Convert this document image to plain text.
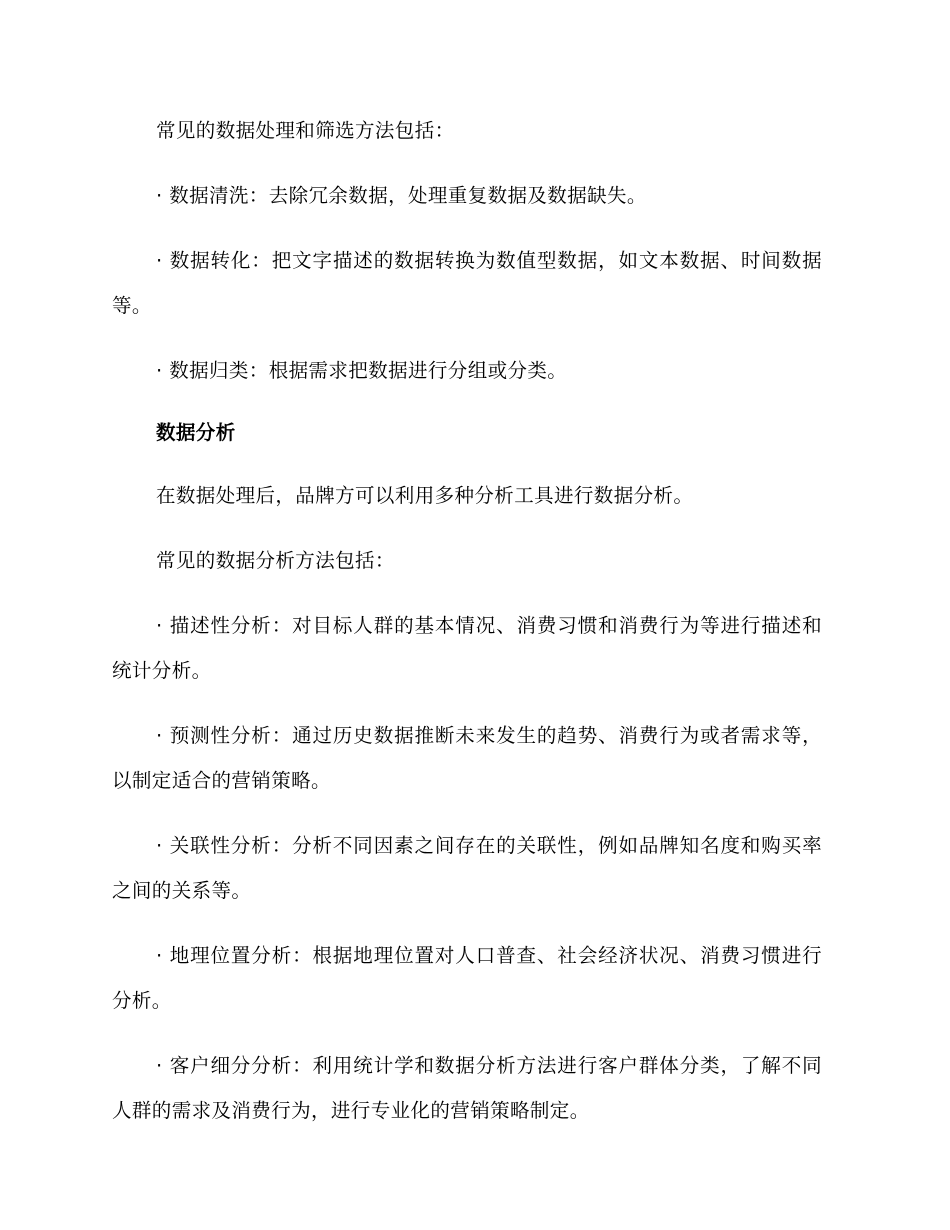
常见的数据处理和筛选方法包括：

· 数据清洗：去除冗余数据，处理重复数据及数据缺失。

· 数据转化：把文字描述的数据转换为数值型数据，如文本数据、时间数据等。

· 数据归类：根据需求把数据进行分组或分类。

数据分析

在数据处理后，品牌方可以利用多种分析工具进行数据分析。

常见的数据分析方法包括：

· 描述性分析：对目标人群的基本情况、消费习惯和消费行为等进行描述和统计分析。

· 预测性分析：通过历史数据推断未来发生的趋势、消费行为或者需求等，以制定适合的营销策略。

· 关联性分析：分析不同因素之间存在的关联性，例如品牌知名度和购买率之间的关系等。

· 地理位置分析：根据地理位置对人口普查、社会经济状况、消费习惯进行分析。

· 客户细分分析：利用统计学和数据分析方法进行客户群体分类，了解不同人群的需求及消费行为，进行专业化的营销策略制定。
